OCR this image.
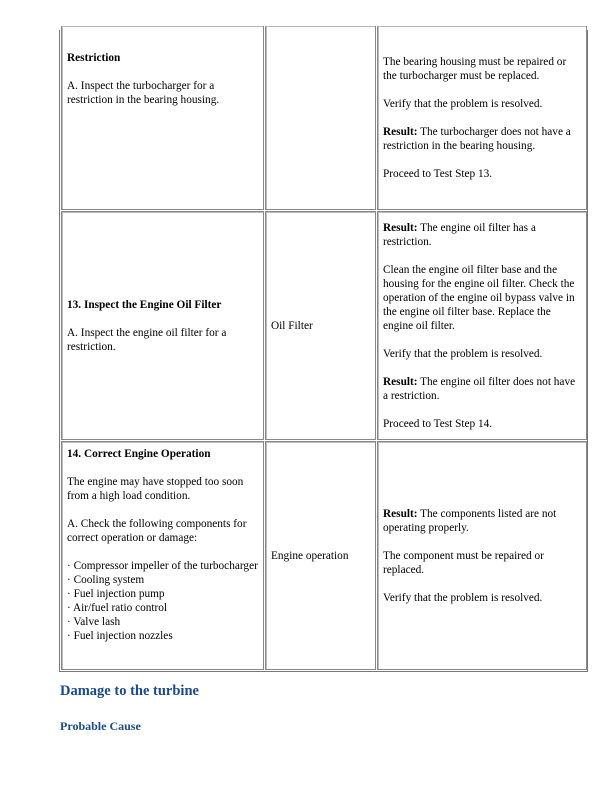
Restriction

A. Inspect the turbocharger for a restriction in the bearing housing.

The bearing housing must be repaired or the turbocharger must be replaced.

Verify that the problem is resolved.

Result: The turbocharger does not have a restriction in the bearing housing.

Proceed to Test Step 13.

13. Inspect the Engine Oil Filter

A. Inspect the engine oil filter for a restriction.

Oil Filter

Result: The engine oil filter has a restriction.

Clean the engine oil filter base and the housing for the engine oil filter. Check the operation of the engine oil bypass valve in the engine oil filter base. Replace the engine oil filter.

Verify that the problem is resolved.

Result: The engine oil filter does not have a restriction.

Proceed to Test Step 14.

14. Correct Engine Operation

The engine may have stopped too soon from a high load condition.

A. Check the following components for correct operation or damage:

· Compressor impeller of the turbocharger
· Cooling system
· Fuel injection pump
· Air/fuel ratio control
· Valve lash
· Fuel injection nozzles
Engine operation

Result: The components listed are not operating properly.

The component must be repaired or replaced.

Verify that the problem is resolved.

Damage to the turbine
Probable Cause
